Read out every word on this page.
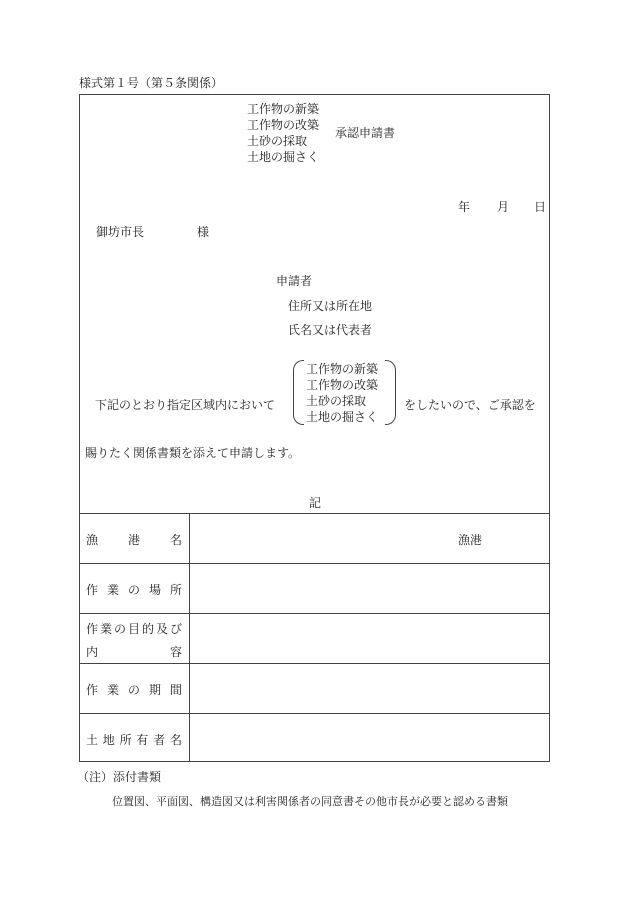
様式第１号（第５条関係）
工作物の新築
工作物の改築
土砂の採取
土地の掘さく
承認申請書
年 月 日
御坊市長	様
申請者
住所又は所在地
氏名又は代表者
下記のとおり指定区域内において
工作物の新築
工作物の改築
土砂の採取
土地の掘さく
をしたいので、ご承認を
賜りたく関係書類を添えて申請します。
記
漁港名	漁港
作業の場所
作業の目的及び
内容
作業の期間
土地所有者名
（注）添付書類
位置図、平面図、構造図又は利害関係者の同意書その他市長が必要と認める書類
